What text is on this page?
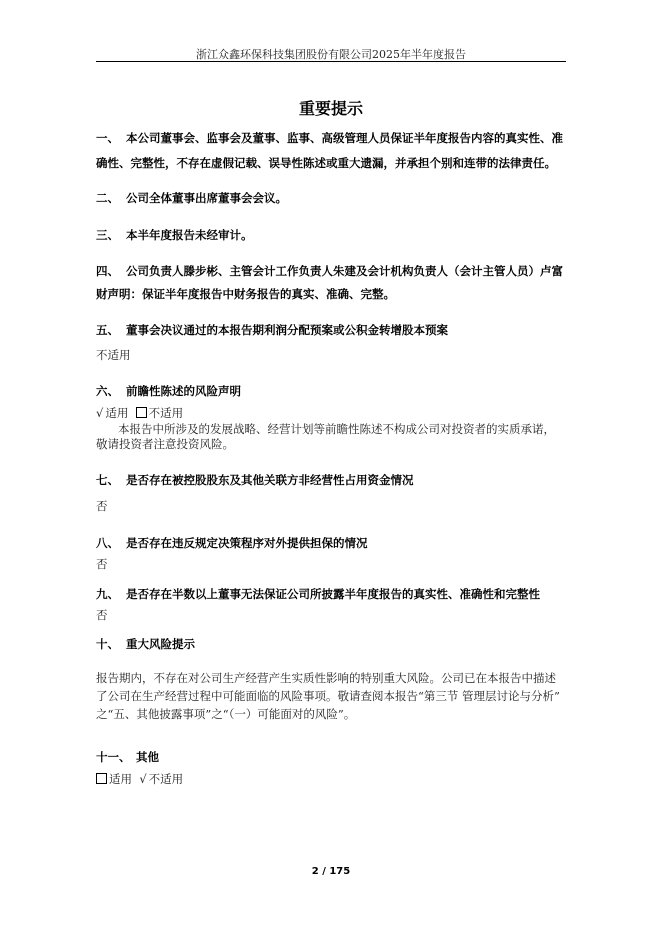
浙江众鑫环保科技集团股份有限公司2025年半年度报告
重要提示
一、 本公司董事会、监事会及董事、监事、高级管理人员保证半年度报告内容的真实性、准
确性、完整性，不存在虚假记载、误导性陈述或重大遗漏，并承担个别和连带的法律责任。
二、 公司全体董事出席董事会会议。
三、 本半年度报告未经审计。
四、 公司负责人滕步彬、主管会计工作负责人朱建及会计机构负责人（会计主管人员）卢富
财声明：保证半年度报告中财务报告的真实、准确、完整。
五、 董事会决议通过的本报告期利润分配预案或公积金转增股本预案
不适用
六、 前瞻性陈述的风险声明
√ 适用 不适用
本报告中所涉及的发展战略、经营计划等前瞻性陈述不构成公司对投资者的实质承诺，
敬请投资者注意投资风险。
七、 是否存在被控股股东及其他关联方非经营性占用资金情况
否
八、 是否存在违反规定决策程序对外提供担保的情况
否
九、 是否存在半数以上董事无法保证公司所披露半年度报告的真实性、准确性和完整性
否
十、 重大风险提示
报告期内，不存在对公司生产经营产生实质性影响的特别重大风险。公司已在本报告中描述
了公司在生产经营过程中可能面临的风险事项。敬请查阅本报告“第三节 管理层讨论与分析”
之“五、其他披露事项”之“（一）可能面对的风险”。
十一、 其他
适用 √ 不适用
2 / 175
